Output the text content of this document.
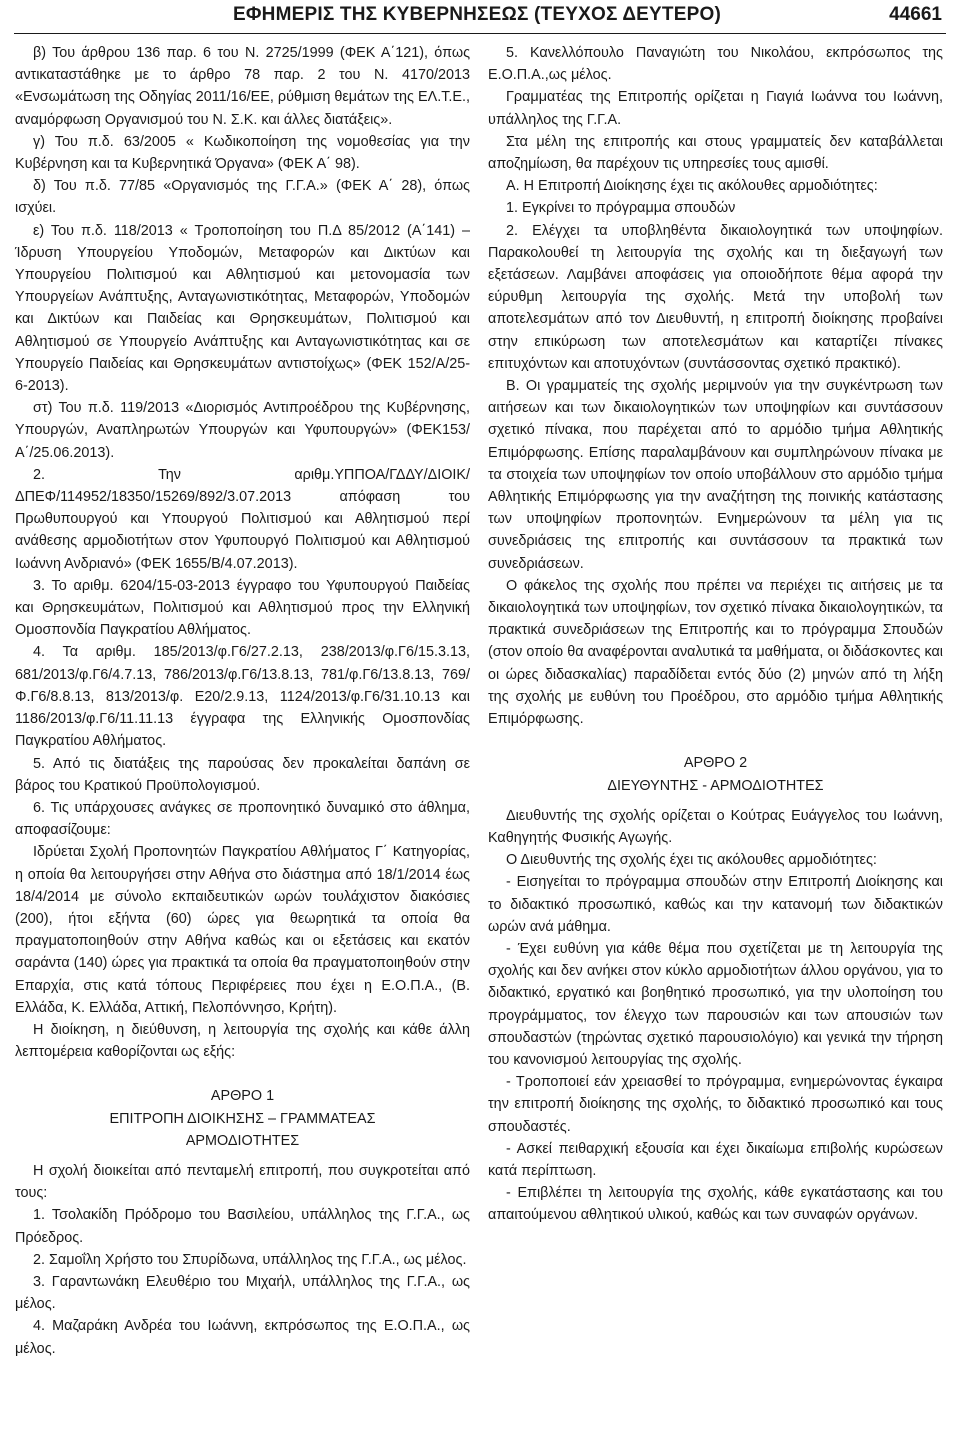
ΕΦΗΜΕΡΙΣ ΤΗΣ ΚΥΒΕΡΝΗΣΕΩΣ (ΤΕΥΧΟΣ ΔΕΥΤΕΡΟ)	44661

β) Του άρθρου 136 παρ. 6 του Ν. 2725/1999 (ΦΕΚ Α΄121), όπως αντικαταστάθηκε με το άρθρο 78 παρ. 2 του Ν. 4170/2013 «Ενσωμάτωση της Οδηγίας 2011/16/ΕΕ, ρύθμιση θεμάτων της ΕΛ.Τ.Ε., αναμόρφωση Οργανισμού του Ν. Σ.Κ. και άλλες διατάξεις».

γ) Του π.δ. 63/2005 « Κωδικοποίηση της νομοθεσίας για την Κυβέρνηση και τα Κυβερνητικά Όργανα» (ΦΕΚ Α΄ 98).

δ) Του π.δ. 77/85 «Οργανισμός της Γ.Γ.Α.» (ΦΕΚ Α΄ 28), όπως ισχύει.

ε) Του π.δ. 118/2013 « Τροποποίηση του Π.Δ 85/2012 (Α΄141) – Ίδρυση Υπουργείου Υποδομών, Μεταφορών και Δικτύων και Υπουργείου Πολιτισμού και Αθλητισμού και μετονομασία των Υπουργείων Ανάπτυξης, Ανταγωνιστικότητας, Μεταφορών, Υποδομών και Δικτύων και Παιδείας και Θρησκευμάτων, Πολιτισμού και Αθλητισμού σε Υπουργείο Ανάπτυξης και Ανταγωνιστικότητας και σε Υπουργείο Παιδείας και Θρησκευμάτων αντιστοίχως» (ΦΕΚ 152/Α/25-6-2013).

στ) Του π.δ. 119/2013 «Διορισμός Αντιπροέδρου της Κυβέρνησης, Υπουργών, Αναπληρωτών Υπουργών και Υφυπουργών» (ΦΕΚ153/Α΄/25.06.2013).

2. Την αριθμ.ΥΠΠΟΑ/ΓΔΔΥ/ΔΙΟΙΚ/ΔΠΕΦ/114952/18350/15269/892/3.07.2013 απόφαση του Πρωθυπουργού και Υπουργού Πολιτισμού και Αθλητισμού περί ανάθεσης αρμοδιοτήτων στον Υφυπουργό Πολιτισμού και Αθλητισμού Ιωάννη Ανδριανό» (ΦΕΚ 1655/Β/4.07.2013).

3. Το αριθμ. 6204/15-03-2013 έγγραφο του Υφυπουργού Παιδείας και Θρησκευμάτων, Πολιτισμού και Αθλητισμού προς την Ελληνική Ομοσπονδία Παγκρατίου Αθλήματος.

4. Τα αριθμ. 185/2013/φ.Γ6/27.2.13, 238/2013/φ.Γ6/15.3.13, 681/2013/φ.Γ6/4.7.13, 786/2013/φ.Γ6/13.8.13, 781/φ.Γ6/13.8.13, 769/Φ.Γ6/8.8.13, 813/2013/φ. Ε20/2.9.13, 1124/2013/φ.Γ6/31.10.13 και 1186/2013/φ.Γ6/11.11.13 έγγραφα της Ελληνικής Ομοσπονδίας Παγκρατίου Αθλήματος.

5. Από τις διατάξεις της παρούσας δεν προκαλείται δαπάνη σε βάρος του Κρατικού Προϋπολογισμού.

6. Τις υπάρχουσες ανάγκες σε προπονητικό δυναμικό στο άθλημα, αποφασίζουμε:

Ιδρύεται Σχολή Προπονητών Παγκρατίου Αθλήματος Γ΄ Κατηγορίας, η οποία θα λειτουργήσει στην Αθήνα στο διάστημα από 18/1/2014 έως 18/4/2014 με σύνολο εκπαιδευτικών ωρών τουλάχιστον διακόσιες (200), ήτοι εξήντα (60) ώρες για θεωρητικά τα οποία θα πραγματοποιηθούν στην Αθήνα καθώς και οι εξετάσεις και εκατόν σαράντα (140) ώρες για πρακτικά τα οποία θα πραγματοποιηθούν στην Επαρχία, στις κατά τόπους Περιφέρειες που έχει η Ε.Ο.Π.Α., (Β. Ελλάδα, Κ. Ελλάδα, Αττική, Πελοπόννησο, Κρήτη).

Η διοίκηση, η διεύθυνση, η λειτουργία της σχολής και κάθε άλλη λεπτομέρεια καθορίζονται ως εξής:

ΑΡΘΡΟ 1

ΕΠΙΤΡΟΠΗ ΔΙΟΙΚΗΣΗΣ – ΓΡΑΜΜΑΤΕΑΣ

ΑΡΜΟΔΙΟΤΗΤΕΣ

Η σχολή διοικείται από πενταμελή επιτροπή, που συγκροτείται από τους:

1. Τσολακίδη Πρόδρομο του Βασιλείου, υπάλληλος της Γ.Γ.Α., ως Πρόεδρος.

2. Σαμοΐλη Χρήστο του Σπυρίδωνα, υπάλληλος της Γ.Γ.Α., ως μέλος.

3. Γαραντωνάκη Ελευθέριο του Μιχαήλ, υπάλληλος της Γ.Γ.Α., ως μέλος.

4. Μαζαράκη Ανδρέα του Ιωάννη, εκπρόσωπος της Ε.Ο.Π.Α., ως μέλος.

5. Κανελλόπουλο Παναγιώτη του Νικολάου, εκπρόσωπος της Ε.Ο.Π.Α.,ως μέλος.

Γραμματέας της Επιτροπής ορίζεται η Γιαγιά Ιωάννα του Ιωάννη, υπάλληλος της Γ.Γ.Α.

Στα μέλη της επιτροπής και στους γραμματείς δεν καταβάλλεται αποζημίωση, θα παρέχουν τις υπηρεσίες τους αμισθί.

Α. Η Επιτροπή Διοίκησης έχει τις ακόλουθες αρμοδιότητες:

1. Εγκρίνει το πρόγραμμα σπουδών

2. Ελέγχει τα υποβληθέντα δικαιολογητικά των υποψηφίων. Παρακολουθεί τη λειτουργία της σχολής και τη διεξαγωγή των εξετάσεων. Λαμβάνει αποφάσεις για οποιοδήποτε θέμα αφορά την εύρυθμη λειτουργία της σχολής. Μετά την υποβολή των αποτελεσμάτων από τον Διευθυντή, η επιτροπή διοίκησης προβαίνει στην επικύρωση των αποτελεσμάτων και καταρτίζει πίνακες επιτυχόντων και αποτυχόντων (συντάσσοντας σχετικό πρακτικό).

Β. Οι γραμματείς της σχολής μεριμνούν για την συγκέντρωση των αιτήσεων και των δικαιολογητικών των υποψηφίων και συντάσσουν σχετικό πίνακα, που παρέχεται από το αρμόδιο τμήμα Αθλητικής Επιμόρφωσης. Επίσης παραλαμβάνουν και συμπληρώνουν πίνακα με τα στοιχεία των υποψηφίων τον οποίο υποβάλλουν στο αρμόδιο τμήμα Αθλητικής Επιμόρφωσης για την αναζήτηση της ποινικής κατάστασης των υποψηφίων προπονητών. Ενημερώνουν τα μέλη για τις συνεδριάσεις της επιτροπής και συντάσσουν τα πρακτικά των συνεδριάσεων.

Ο φάκελος της σχολής που πρέπει να περιέχει τις αιτήσεις με τα δικαιολογητικά των υποψηφίων, τον σχετικό πίνακα δικαιολογητικών, τα πρακτικά συνεδριάσεων της Επιτροπής και το πρόγραμμα Σπουδών (στον οποίο θα αναφέρονται αναλυτικά τα μαθήματα, οι διδάσκοντες και οι ώρες διδασκαλίας) παραδίδεται εντός δύο (2) μηνών από τη λήξη της σχολής με ευθύνη του Προέδρου, στο αρμόδιο τμήμα Αθλητικής Επιμόρφωσης.

ΑΡΘΡΟ 2

ΔΙΕΥΘΥΝΤΗΣ - ΑΡΜΟΔΙΟΤΗΤΕΣ

Διευθυντής της σχολής ορίζεται ο Κούτρας Ευάγγελος του Ιωάννη, Καθηγητής Φυσικής Αγωγής.

Ο Διευθυντής της σχολής έχει τις ακόλουθες αρμοδιότητες:

- Εισηγείται το πρόγραμμα σπουδών στην Επιτροπή Διοίκησης και το διδακτικό προσωπικό, καθώς και την κατανομή των διδακτικών ωρών ανά μάθημα.

- Έχει ευθύνη για κάθε θέμα που σχετίζεται με τη λειτουργία της σχολής και δεν ανήκει στον κύκλο αρμοδιοτήτων άλλου οργάνου, για το διδακτικό, εργατικό και βοηθητικό προσωπικό, για την υλοποίηση του προγράμματος, τον έλεγχο των παρουσιών και των απουσιών των σπουδαστών (τηρώντας σχετικό παρουσιολόγιο) και γενικά την τήρηση του κανονισμού λειτουργίας της σχολής.

- Τροποποιεί εάν χρειασθεί το πρόγραμμα, ενημερώνοντας έγκαιρα την επιτροπή διοίκησης της σχολής, το διδακτικό προσωπικό και τους σπουδαστές.

- Ασκεί πειθαρχική εξουσία και έχει δικαίωμα επιβολής κυρώσεων κατά περίπτωση.

- Επιβλέπει τη λειτουργία της σχολής, κάθε εγκατάστασης και του απαιτούμενου αθλητικού υλικού, καθώς και των συναφών οργάνων.
